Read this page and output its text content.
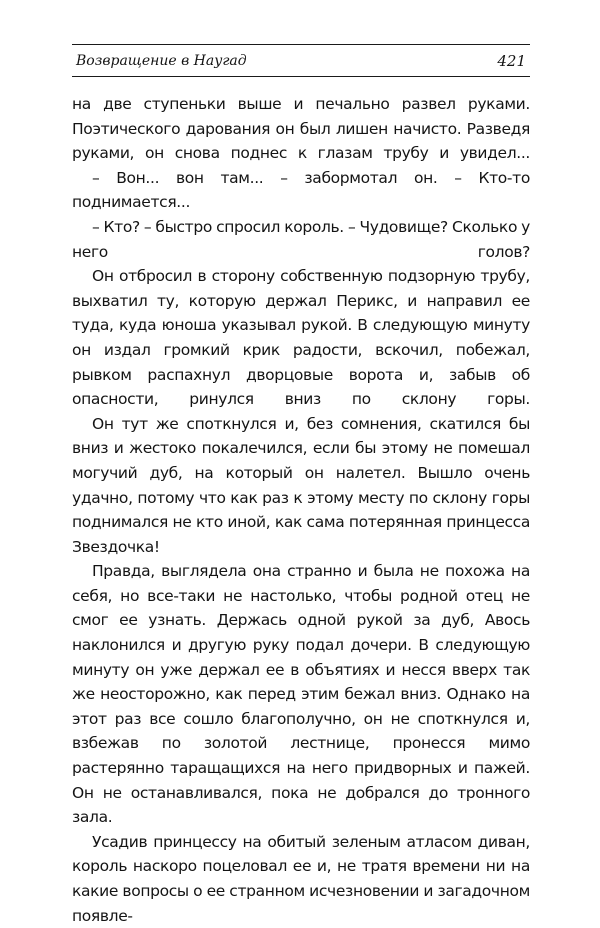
Возвращение в Наугад	421

на две ступеньки выше и печально развел руками. Поэтического дарования он был лишен начисто. Разведя руками, он снова поднес к глазам трубу и увидел...

– Вон... вон там... – забормотал он. – Кто-то поднимается...

– Кто? – быстро спросил король. – Чудовище? Сколько у него голов?

Он отбросил в сторону собственную подзорную трубу, выхватил ту, которую держал Перикс, и направил ее туда, куда юноша указывал рукой. В следующую минуту он издал громкий крик радости, вскочил, побежал, рывком распахнул дворцовые ворота и, забыв об опасности, ринулся вниз по склону горы.

Он тут же споткнулся и, без сомнения, скатился бы вниз и жестоко покалечился, если бы этому не помешал могучий дуб, на который он налетел. Вышло очень удачно, потому что как раз к этому месту по склону горы поднимался не кто иной, как сама потерянная принцесса Звездочка!

Правда, выглядела она странно и была не похожа на себя, но все-таки не настолько, чтобы родной отец не смог ее узнать. Держась одной рукой за дуб, Авось наклонился и другую руку подал дочери. В следующую минуту он уже держал ее в объятиях и несся вверх так же неосторожно, как перед этим бежал вниз. Однако на этот раз все сошло благополучно, он не споткнулся и, взбежав по золотой лестнице, пронесся мимо растерянно таращащихся на него придворных и пажей. Он не останавливался, пока не добрался до тронного зала.

Усадив принцессу на обитый зеленым атласом диван, король наскоро поцеловал ее и, не тратя времени ни на какие вопросы о ее странном исчезновении и загадочном появле-
